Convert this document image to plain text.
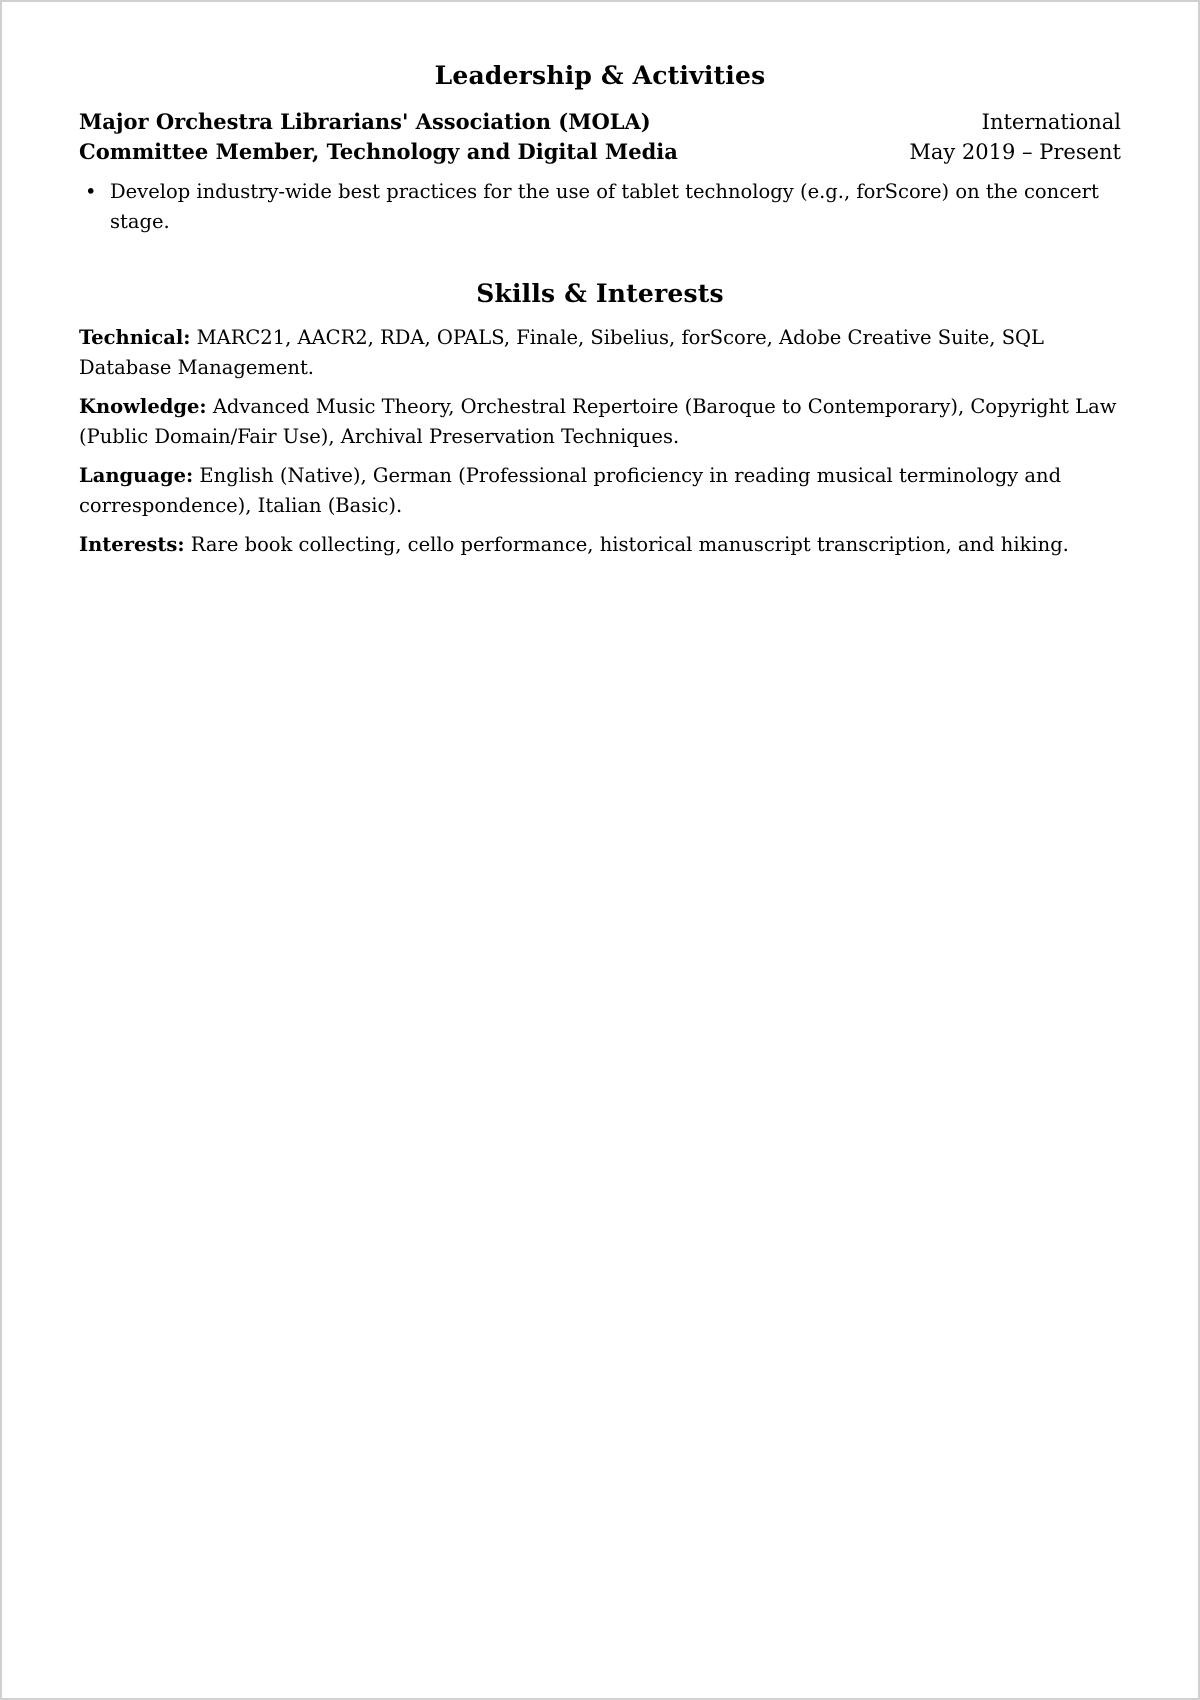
Leadership & Activities
Major Orchestra Librarians' Association (MOLA)	International
Committee Member, Technology and Digital Media	May 2019 – Present
• Develop industry-wide best practices for the use of tablet technology (e.g., forScore) on the concert stage.
Skills & Interests

Technical: MARC21, AACR2, RDA, OPALS, Finale, Sibelius, forScore, Adobe Creative Suite, SQL Database Management.

Knowledge: Advanced Music Theory, Orchestral Repertoire (Baroque to Contemporary), Copyright Law (Public Domain/Fair Use), Archival Preservation Techniques.

Language: English (Native), German (Professional proficiency in reading musical terminology and correspondence), Italian (Basic).

Interests: Rare book collecting, cello performance, historical manuscript transcription, and hiking.
